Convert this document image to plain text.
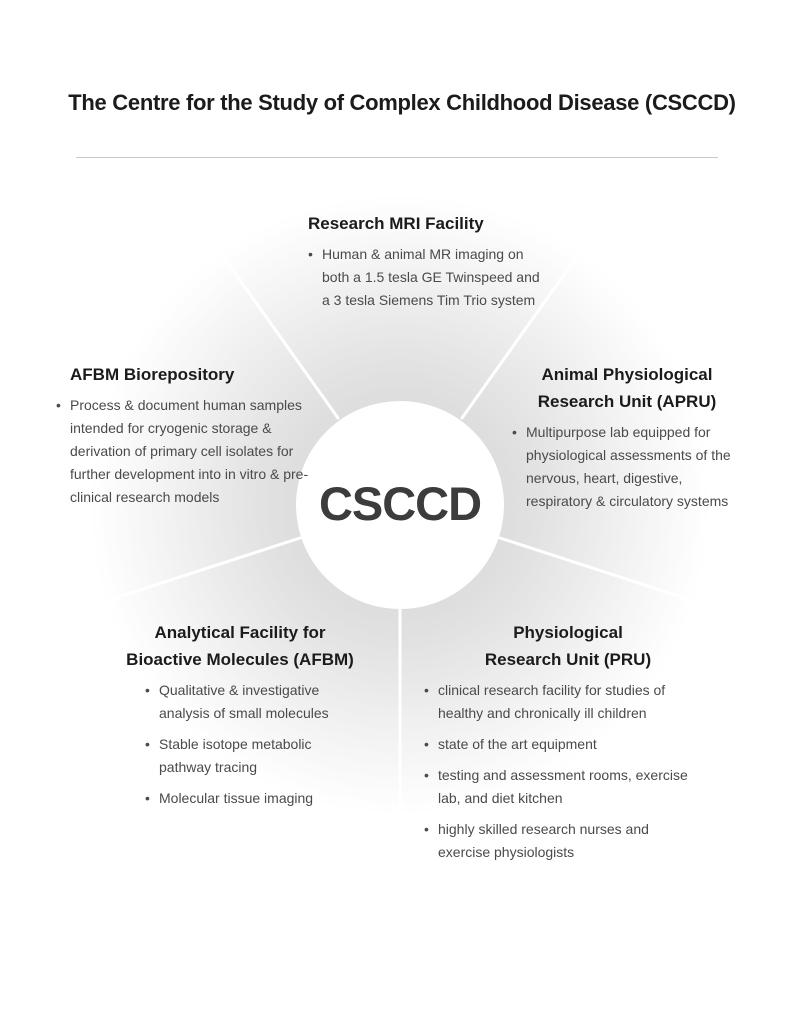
The Centre for the Study of Complex Childhood Disease (CSCCD)
CSCCD
Research MRI Facility
• Human & animal MR imaging on both a 1.5 tesla GE Twinspeed and a 3 tesla Siemens Tim Trio system
AFBM Biorepository
• Process & document human samples intended for cryogenic storage & derivation of primary cell isolates for further development into in vitro & pre-clinical research models
Animal Physiological
Research Unit (APRU)
• Multipurpose lab equipped for physiological assessments of the nervous, heart, digestive, respiratory & circulatory systems
Analytical Facility for
Bioactive Molecules (AFBM)
• Qualitative & investigative analysis of small molecules
• Stable isotope metabolic pathway tracing
• Molecular tissue imaging
Physiological
Research Unit (PRU)
• clinical research facility for studies of healthy and chronically ill children
• state of the art equipment
• testing and assessment rooms, exercise lab, and diet kitchen
• highly skilled research nurses and exercise physiologists
